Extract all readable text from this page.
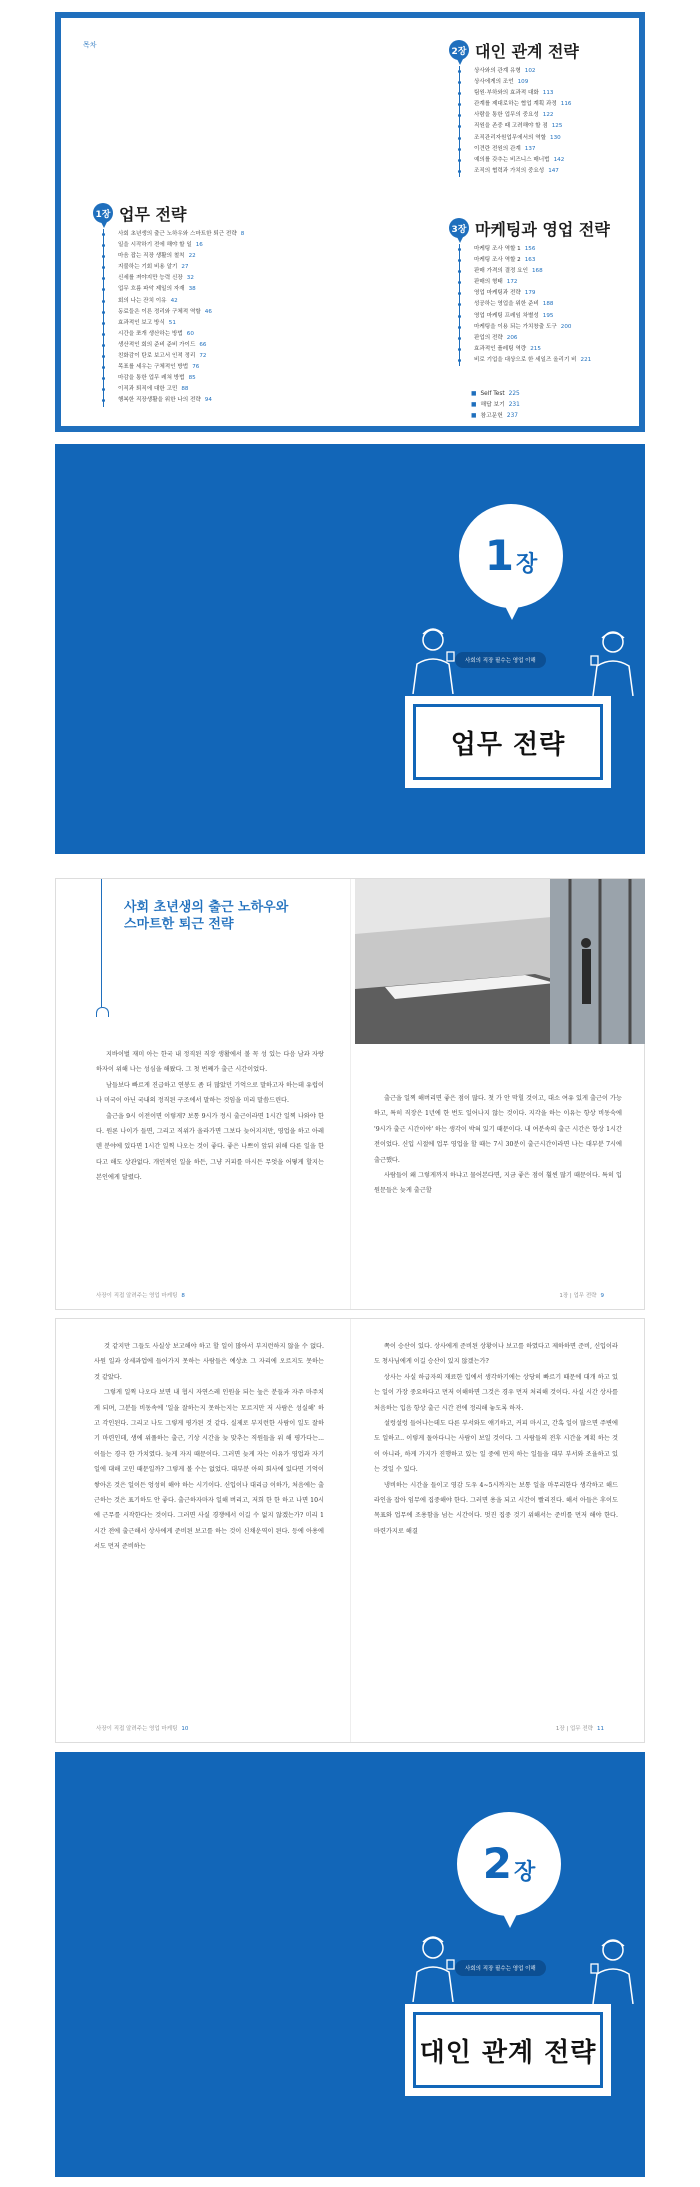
목차
1장 업무 전략
사회 초년생의 출근 노하우와 스마트한 퇴근 전략 8
일을 시작하기 전에 해야 할 일 16
마음 잡는 직장 생활의 철칙 22
지불하는 기회 비용 알기 27
신세를 져야지만 능력 신장 32
업무 흐름 파악 제일의 자재 38
회의 나는 잔치 이유 42
동료들은 이른 정리와 구체적 역할 46
효과적인 보고 방식 51
시간을 쪼개 생산하는 방법 60
생산적인 회의 준비 준비 가이드 66
친화감이 탄로 보고서 인적 정리 72
목표를 세우는 구체적인 방법 76
마감을 통한 업무 레쳐 방법 85
이직과 퇴직에 대한 고민 88
행복한 직장생활을 위한 나의 전략 94
2장 대인 관계 전략
상사와의 관계 유형 102
상사에게의 조언 109
팀원·부하와의 효과적 대화 113
관계를 제대로하는 협업 계획 과정 116
사람을 통한 업무의 중요성 122
직원을 존중 때 고려해야 할 점 125
조직관리자원업무에서의 역할 130
이견란 전원의 관계 137
예의를 갖추는 비즈니스 매너법 142
조직의 협력과 가치의 중요성 147
3장 마케팅과 영업 전략
마케팅 조사 역할 1 156
마케팅 조사 역할 2 163
판매 가격의 결정 요인 168
판매의 형태 172
영업 마케팅과 전략 179
성공하는 영업을 위한 준비 188
영업 마케팅 프레임 차별성 195
마케팅을 이용 되는 가치창출 도구 200
판업의 전략 206
효과적인 플레팅 역량 215
비로 기업을 대상으로 한 세일즈 올리기 비 221
■ Self Test 225
■ 해답 보기 231
■ 참고문헌 237
1 장
사회의 직장 필수는 영업 이해
업무 전략
사회 초년생의 출근 노하우와
스마트한 퇴근 전략

지바이벌 재미 아는 한국 내 정직된 직장 생활에서 볼 꼭 성 있는 다음 남과 자랑하자이 위해 나는 성심을 해왔다. 그 첫 번째가 출근 시간이었다.

남들보다 빠르게 진급하고 연봉도 좀 더 많았던 기억으로 말하고자 하는데 유럽이나 미국이 아닌 국내의 정직된 구조에서 말하는 것임을 미리 말씀드린다.

출근을 9시 이전이면 이렇게? 보통 9시가 정시 출근이라면 1시간 일찍 나와야 한다. 원론 나이가 들면, 그리고 직위가 올라가면 그보다 늦어지지만, 영업을 하고 아레덴 분야에 있다면 1시간 일찍 나오는 것이 좋다. 좋은 나쁘이 앞뒤 위해 다른 일을 한다고 해도 상관없다. 개인적인 일을 하든, 그냥 커피를 마시든 무엇을 어떻게 할지는 본인에게 달렸다.

출근을 일찍 해버리면 좋은 점이 많다. 첫 가 안 막힐 것이고, 대소 여유 있게 출근이 가능하고, 특히 직장은 1년에 한 번도 일어나지 않는 것이다. 지각을 하는 이유는 항상 비동숙에 '9시가 출근 시간이야' 하는 생각이 박혀 있기 때문이다. 내 여분속의 출근 시간은 항상 1시간 전이었다. 신입 시절에 업무 영업을 할 때는 7시 30분이 출근시간이라면 나는 대부분 7시에 출근했다.

사람들이 왜 그렇게까지 하냐고 물어본다면, 지금 좋은 점이 훨씬 많기 때문이다. 특히 입원문들은 늦게 출근할

사장이 직접 알려주는 영업 마케팅 8	1장 | 업무 전략 9

것 같지만 그들도 사실상 보고해야 하고 할 일이 많아서 부지런하지 않을 수 없다. 사원 일과 상세과업에 들어가지 못하는 사람들은 예상초 그 자리에 오르지도 못하는 것 같았다.

그렇게 일찍 나오다 보면 내 협시 자연스레 인원을 되는 높은 분들과 자주 마주치게 되며, 그분들 비동속에 '일을 잘하는지 못하는지는 모르지만 저 사람은 성실해' 하고 각인된다. 그리고 나도 그렇게 평가된 것 같다. 실제로 부지런한 사람이 일도 잘하기 마련인데, 생에 위풀하는 출근, 기상 시간을 늦 맞추는 직원들을 위 해 평가다는... 이들는 경극 한 가치였다. 늦게 자지 때문이다. 그러면 늦게 자는 이유가 영업과 자기 일에 대해 고민 때문일까? 그렇게 볼 수는 없었다. 대부분 아의 회사에 있다면 기억이 쌓아온 것은 일이든 엉성히 해야 하는 시기이다. 신입이나 대리급 이하가, 처음에는 출근하는 것은 표기하도 안 좋다. 출근하자마자 일해 버리고, 저희 한 한 하고 나면 10시에 근무를 시작한다는 것이다. 그러면 사실 경쟁에서 이길 수 없지 않겠는가? 미리 1시간 전에 출근해서 상사에게 준비된 보고를 하는 것이 신채운역이 된다. 등에 아용에서도 먼저 준비하는

쪽이 승산이 있다. 상사에게 준비된 상황이나 보고를 하였다고 제하하면 준비, 신입이라도 청사님에게 이길 승산이 있지 않겠는가?

상사는 사실 하급자의 재료한 입에서 생각하기에는 상당히 빠르기 때문에 대개 하고 있는 일이 가장 중요하다고 먼저 이해하면 그것은 경우 먼저 처리해 것이다. 사실 시간 상사를 처음하는 입음 항상 출근 시간 전에 정리해 놓도록 하자.

설렁설렁 들어나는데도 다른 부서와도 얘기하고, 커피 마시고, 간혹 일이 많으면 주변에도 일하고.. 이렇게 돌아다니는 사람이 보일 것이다. 그 사람들의 전후 시간을 계획 하는 것이 아니라, 하게 가지가 진행하고 있는 일 중에 먼저 하는 일들을 대부 부서와 조율하고 있는 것일 수 있다.

냉비하는 시간을 들이고 영감 도우 4~5시까지는 보통 일을 마무리한다 생각하고 해드라인을 잡아 임무에 집중해야 한다. 그러면 용을 되고 시간이 빨리진다. 해서 아들은 후이도 목표와 업무에 조용함을 넘는 시간이다. 멋진 집중 것기 위해서는 준비를 먼저 해야 한다. 마련가지로 해결

사장이 직접 알려주는 영업 마케팅 10	1장 | 업무 전략 11
2 장
사회의 직장 필수는 영업 이해
대인 관계 전략
